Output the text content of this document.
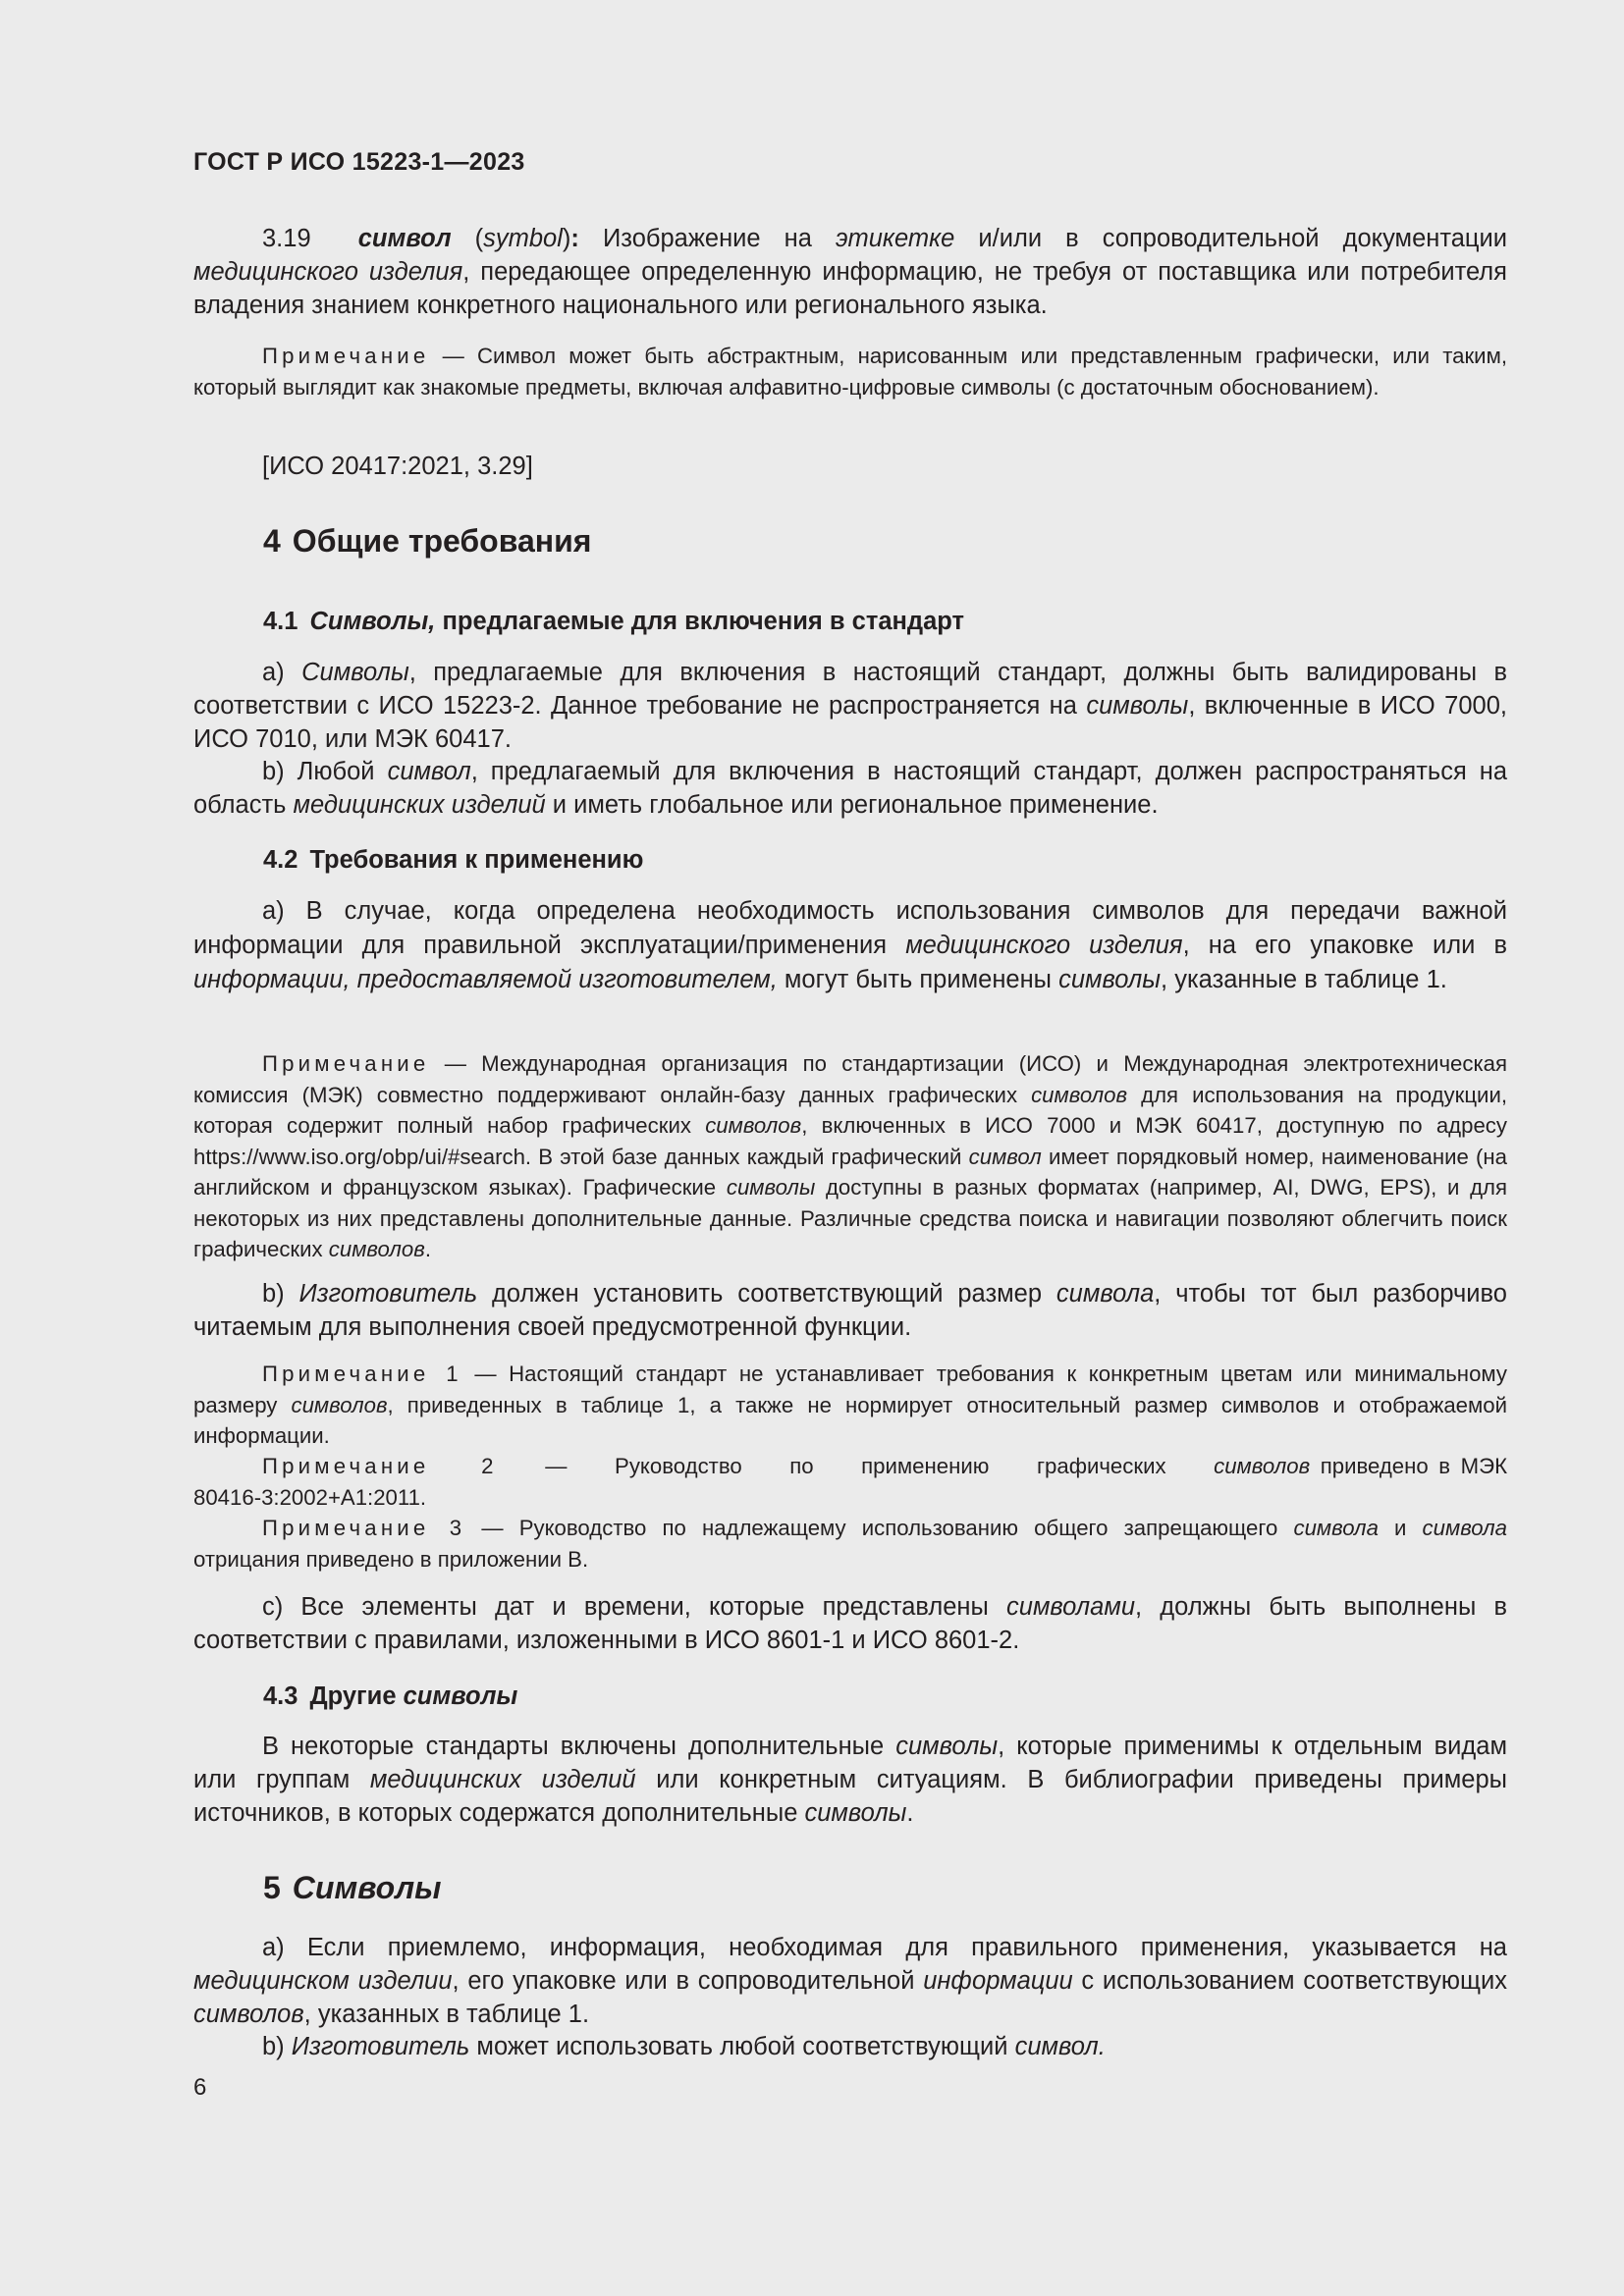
ГОСТ Р ИСО 15223-1—2023

3.19 символ (symbol): Изображение на этикетке и/или в сопроводительной документации медицинского изделия, передающее определенную информацию, не требуя от поставщика или потребителя владения знанием конкретного национального или регионального языка.

Примечание — Символ может быть абстрактным, нарисованным или представленным графически, или таким, который выглядит как знакомые предметы, включая алфавитно-цифровые символы (с достаточным обоснованием).

[ИСО 20417:2021, 3.29]

4 Общие требования
4.1 Символы, предлагаемые для включения в стандарт

a) Символы, предлагаемые для включения в настоящий стандарт, должны быть валидированы в соответствии с ИСО 15223-2. Данное требование не распространяется на символы, включенные в ИСО 7000, ИСО 7010, или МЭК 60417.

b) Любой символ, предлагаемый для включения в настоящий стандарт, должен распространяться на область медицинских изделий и иметь глобальное или региональное применение.

4.2 Требования к применению

a) В случае, когда определена необходимость использования символов для передачи важной информации для правильной эксплуатации/применения медицинского изделия, на его упаковке или в информации, предоставляемой изготовителем, могут быть применены символы, указанные в таблице 1.

Примечание — Международная организация по стандартизации (ИСО) и Международная электротехническая комиссия (МЭК) совместно поддерживают онлайн-базу данных графических символов для использования на продукции, которая содержит полный набор графических символов, включенных в ИСО 7000 и МЭК 60417, доступную по адресу https://www.iso.org/obp/ui/#search. В этой базе данных каждый графический символ имеет порядковый номер, наименование (на английском и французском языках). Графические символы доступны в разных форматах (например, AI, DWG, EPS), и для некоторых из них представлены дополнительные данные. Различные средства поиска и навигации позволяют облегчить поиск графических символов.

b) Изготовитель должен установить соответствующий размер символа, чтобы тот был разборчиво читаемым для выполнения своей предусмотренной функции.

Примечание 1 — Настоящий стандарт не устанавливает требования к конкретным цветам или минимальному размеру символов, приведенных в таблице 1, а также не нормирует относительный размер символов и отображаемой информации.

Примечание 2 — Руководство по применению графических символов приведено в МЭК 80416-3:2002+А1:2011.

Примечание 3 — Руководство по надлежащему использованию общего запрещающего символа и символа отрицания приведено в приложении В.

c) Все элементы дат и времени, которые представлены символами, должны быть выполнены в соответствии с правилами, изложенными в ИСО 8601-1 и ИСО 8601-2.

4.3 Другие символы

В некоторые стандарты включены дополнительные символы, которые применимы к отдельным видам или группам медицинских изделий или конкретным ситуациям. В библиографии приведены примеры источников, в которых содержатся дополнительные символы.

5 Символы

a) Если приемлемо, информация, необходимая для правильного применения, указывается на медицинском изделии, его упаковке или в сопроводительной информации с использованием соответствующих символов, указанных в таблице 1.

b) Изготовитель может использовать любой соответствующий символ.

6
